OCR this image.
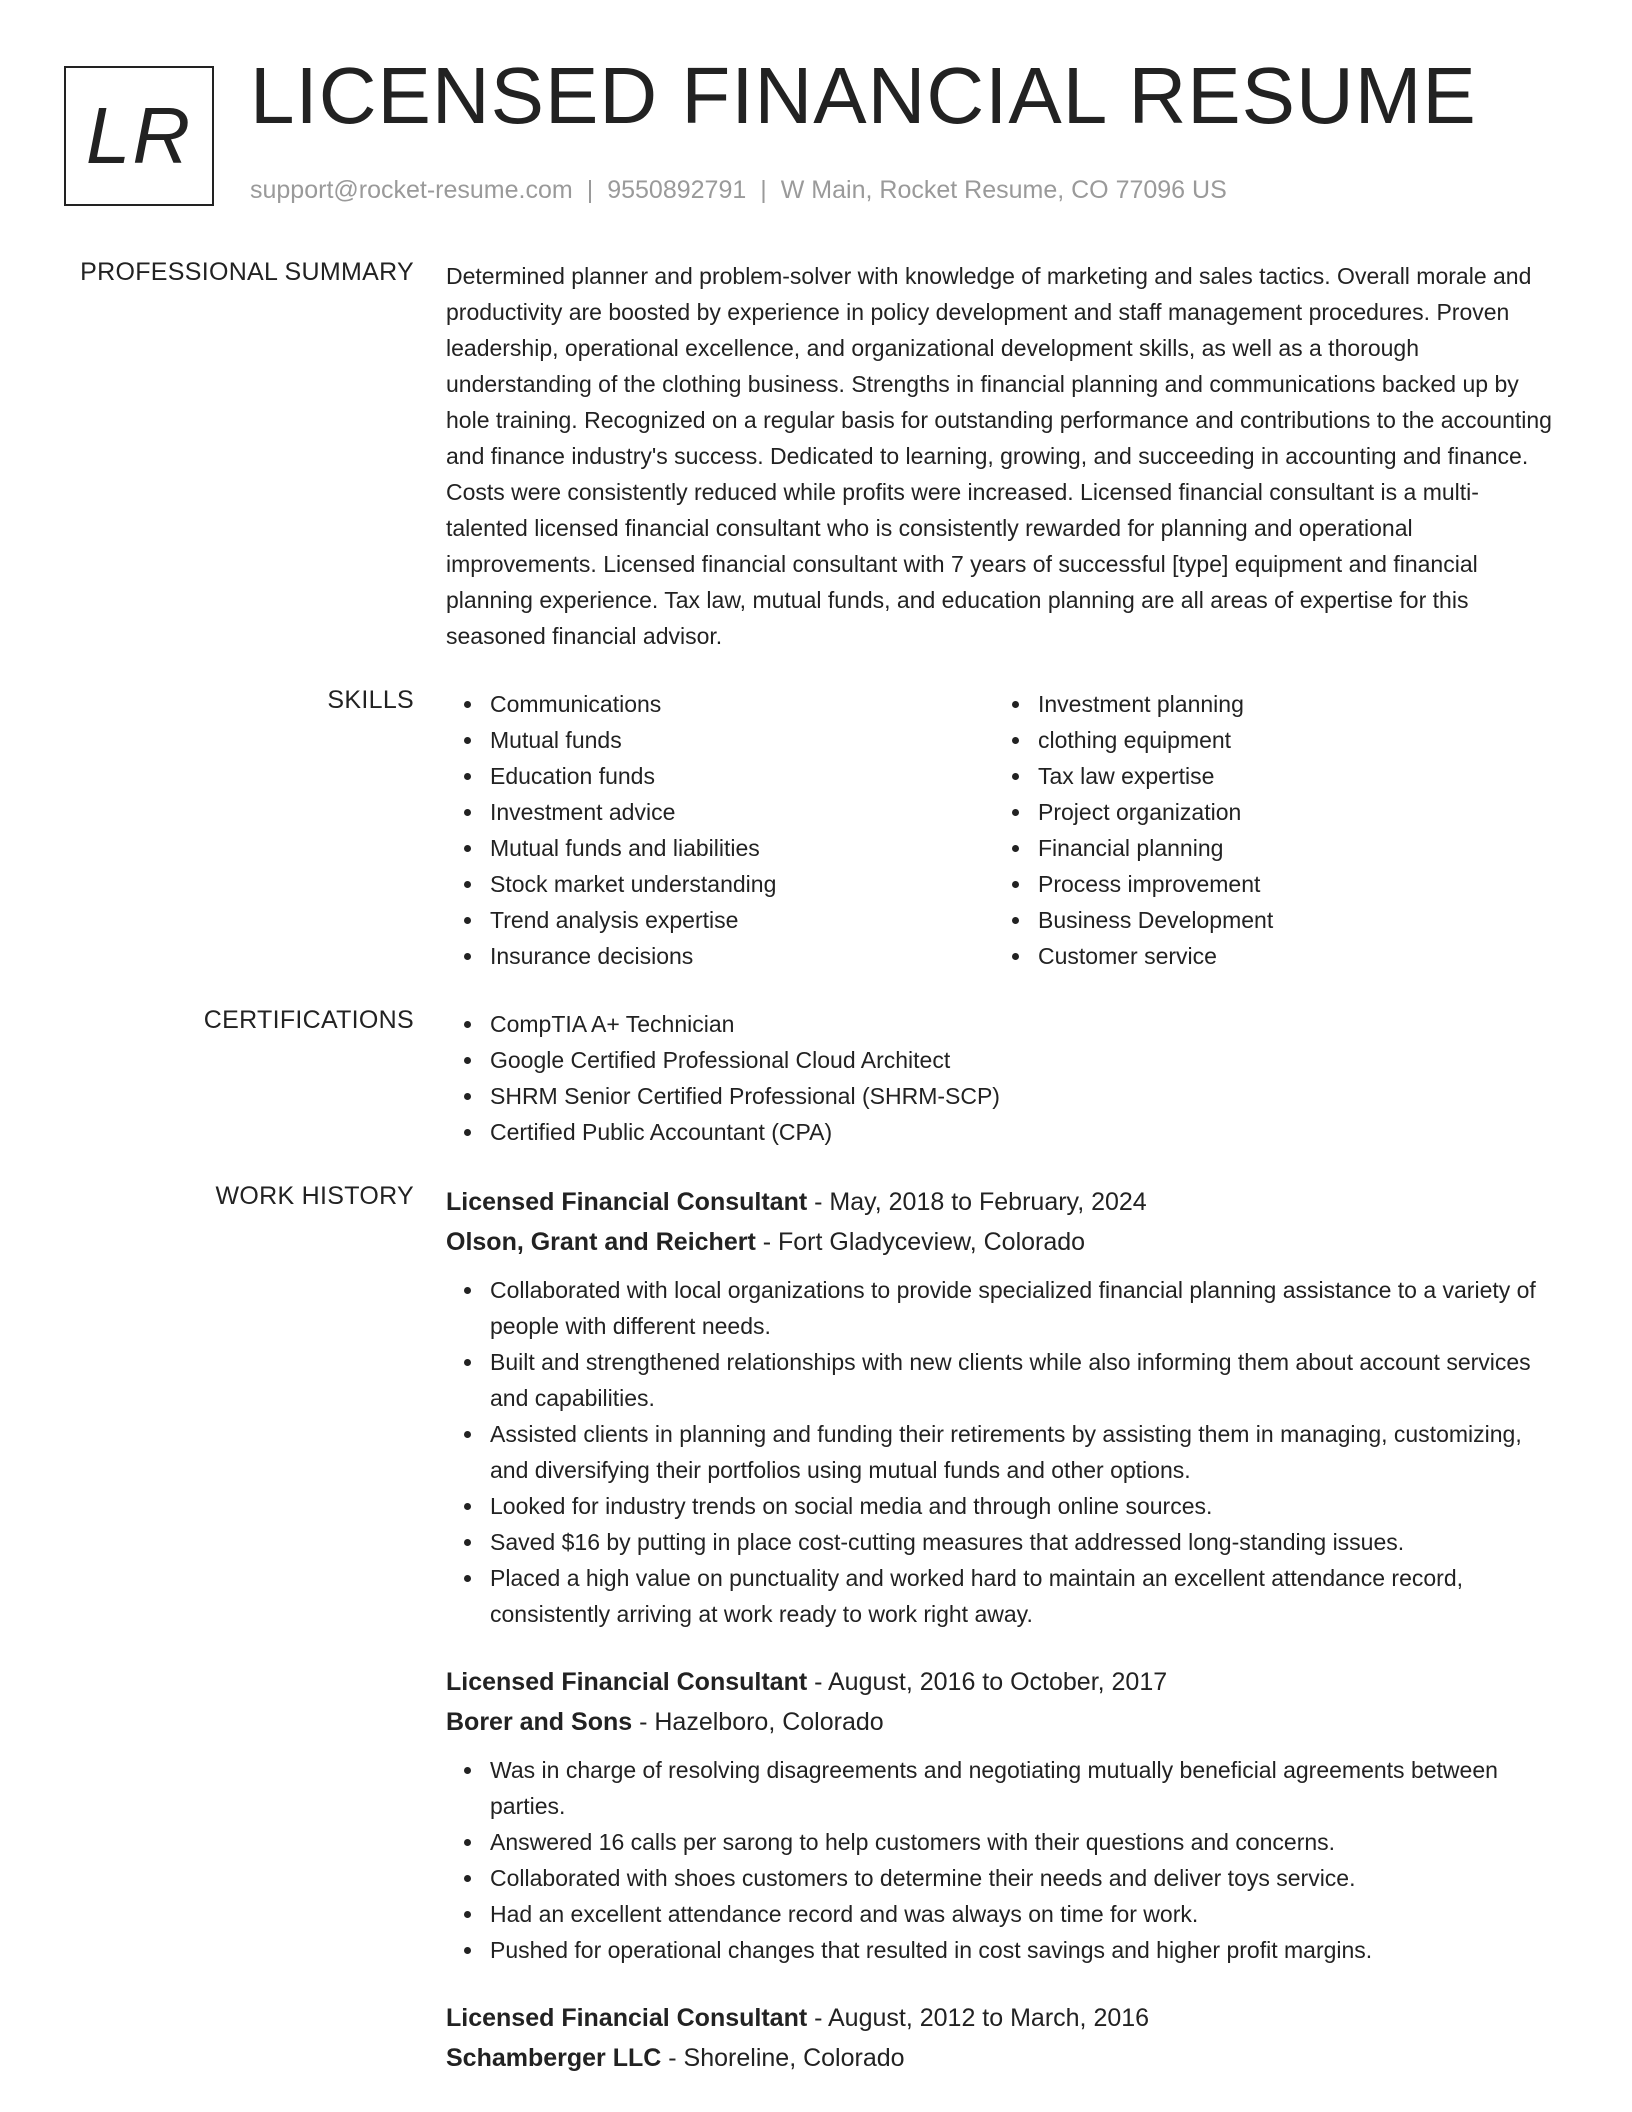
LR LICENSED FINANCIAL RESUME
support@rocket-resume.com | 9550892791 | W Main, Rocket Resume, CO 77096 US
PROFESSIONAL SUMMARY Determined planner and problem-solver with knowledge of marketing and sales tactics. Overall morale and productivity are boosted by experience in policy development and staff management procedures. Proven leadership, operational excellence, and organizational development skills, as well as a thorough understanding of the clothing business. Strengths in financial planning and communications backed up by hole training. Recognized on a regular basis for outstanding performance and contributions to the accounting and finance industry's success. Dedicated to learning, growing, and succeeding in accounting and finance. Costs were consistently reduced while profits were increased. Licensed financial consultant is a multi-talented licensed financial consultant who is consistently rewarded for planning and operational improvements. Licensed financial consultant with 7 years of successful [type] equipment and financial planning experience. Tax law, mutual funds, and education planning are all areas of expertise for this seasoned financial advisor.
SKILLS	Communications
Mutual funds
Education funds
Investment advice
Mutual funds and liabilities
Stock market understanding
Trend analysis expertise
Insurance decisions
Investment planning
clothing equipment
Tax law expertise
Project organization
Financial planning
Process improvement
Business Development
Customer service
CERTIFICATIONS	CompTIA A+ Technician
Google Certified Professional Cloud Architect
SHRM Senior Certified Professional (SHRM-SCP)
Certified Public Accountant (CPA)
WORK HISTORY Licensed Financial Consultant - May, 2018 to February, 2024
Olson, Grant and Reichert - Fort Gladyceview, Colorado
Collaborated with local organizations to provide specialized financial planning assistance to a variety of people with different needs.
Built and strengthened relationships with new clients while also informing them about account services and capabilities.
Assisted clients in planning and funding their retirements by assisting them in managing, customizing, and diversifying their portfolios using mutual funds and other options.
Looked for industry trends on social media and through online sources.
Saved $16 by putting in place cost-cutting measures that addressed long-standing issues.
Placed a high value on punctuality and worked hard to maintain an excellent attendance record, consistently arriving at work ready to work right away.
Licensed Financial Consultant - August, 2016 to October, 2017
Borer and Sons - Hazelboro, Colorado
Was in charge of resolving disagreements and negotiating mutually beneficial agreements between parties.
Answered 16 calls per sarong to help customers with their questions and concerns.
Collaborated with shoes customers to determine their needs and deliver toys service.
Had an excellent attendance record and was always on time for work.
Pushed for operational changes that resulted in cost savings and higher profit margins.
Licensed Financial Consultant - August, 2012 to March, 2016
Schamberger LLC - Shoreline, Colorado
